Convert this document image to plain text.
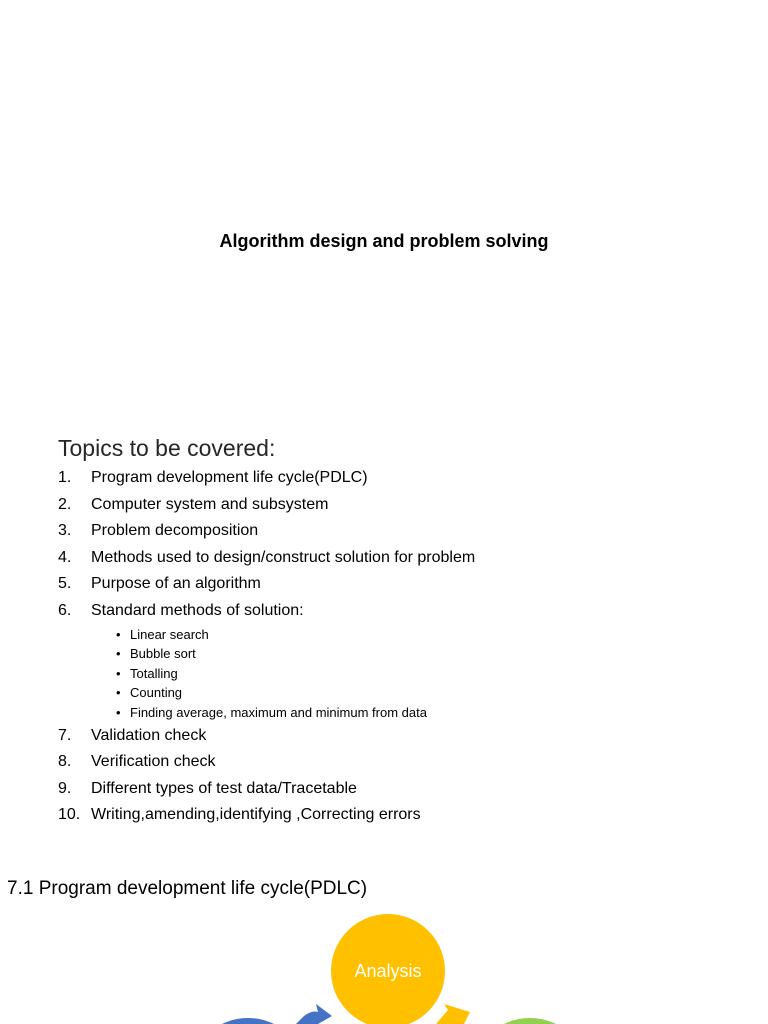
Algorithm design and problem solving
Topics to be covered:
1. Program development life cycle(PDLC)
2. Computer system and subsystem
3. Problem decomposition
4. Methods used to design/construct solution for problem
5. Purpose of an algorithm
6. Standard methods of solution:
• Linear search
• Bubble sort
• Totalling
• Counting
• Finding average, maximum and minimum from data
7. Validation check
8. Verification check
9. Different types of test data/Tracetable
10. Writing,amending,identifying ,Correcting errors
7.1 Program development life cycle(PDLC)
Analysis
